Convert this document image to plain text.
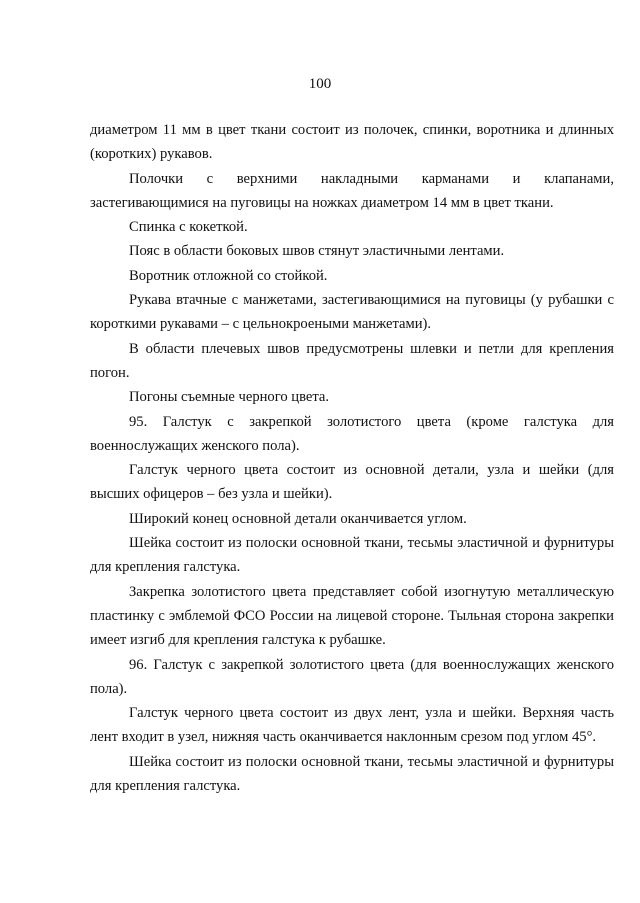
100

диаметром 11 мм в цвет ткани состоит из полочек, спинки, воротника и длинных (коротких) рукавов.

Полочки с верхними накладными карманами и клапанами, застегивающимися на пуговицы на ножках диаметром 14 мм в цвет ткани.

Спинка с кокеткой.

Пояс в области боковых швов стянут эластичными лентами.

Воротник отложной со стойкой.

Рукава втачные с манжетами, застегивающимися на пуговицы (у рубашки с короткими рукавами – с цельнокроеными манжетами).

В области плечевых швов предусмотрены шлевки и петли для крепления погон.

Погоны съемные черного цвета.

95. Галстук с закрепкой золотистого цвета (кроме галстука для военнослужащих женского пола).

Галстук черного цвета состоит из основной детали, узла и шейки (для высших офицеров – без узла и шейки).

Широкий конец основной детали оканчивается углом.

Шейка состоит из полоски основной ткани, тесьмы эластичной и фурнитуры для крепления галстука.

Закрепка золотистого цвета представляет собой изогнутую металлическую пластинку с эмблемой ФСО России на лицевой стороне. Тыльная сторона закрепки имеет изгиб для крепления галстука к рубашке.

96. Галстук с закрепкой золотистого цвета (для военнослужащих женского пола).

Галстук черного цвета состоит из двух лент, узла и шейки. Верхняя часть лент входит в узел, нижняя часть оканчивается наклонным срезом под углом 45°.

Шейка состоит из полоски основной ткани, тесьмы эластичной и фурнитуры для крепления галстука.
